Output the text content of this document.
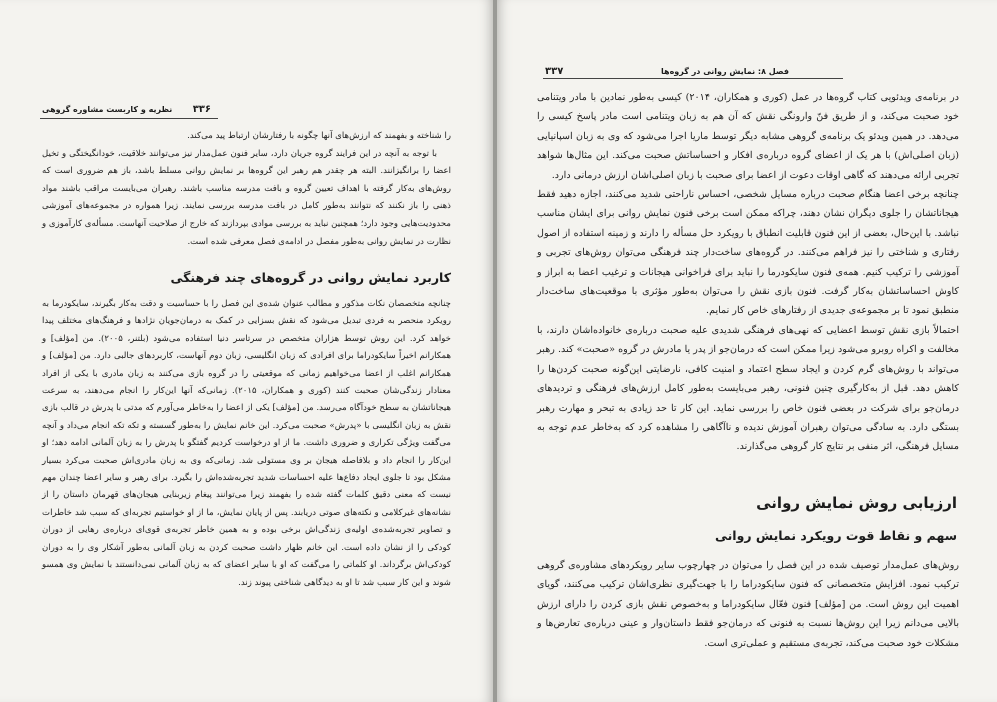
۳۳۶
نظریه و کاربست مشاوره گروهی

را شناخته و بفهمند که ارزش‌های آنها چگونه با رفتارشان ارتباط پید می‌کند.

با توجه به آنچه در این فرایند گروه جریان دارد، سایر فنون عمل‌مدار نیز می‌توانند خلاقیت، خودانگیختگی و تخیل اعضا را برانگیزانند. البته هر چقدر هم رهبر این گروه‌ها بر نمایش روانی مسلط باشد، باز هم ضروری است که روش‌های به‌کار گرفته با اهداف تعیین گروه و بافت مدرسه مناسب باشند. رهبران می‌بایست مراقب باشند مواد ذهنی را باز نکنند که نتوانند به‌طور کامل در بافت مدرسه بررسی نمایند. زیرا همواره در مجموعه‌های آموزشی محدودیت‌هایی وجود دارد؛ همچنین نباید به بررسی موادی بپردازند که خارج از صلاحیت آنهاست. مسأله‌ی کارآموزی و نظارت در نمایش روانی به‌طور مفصل در ادامه‌ی فصل معرفی شده است.

کاربرد نمایش روانی در گروه‌های چند فرهنگی

چنانچه متخصصان نکات مذکور و مطالب عنوان شده‌ی این فصل را با حساسیت و دقت به‌کار بگیرند، سایکودرما به رویکرد منحصر به فردی تبدیل می‌شود که نقش بسزایی در کمک به درمان‌جویان نژادها و فرهنگ‌های مختلف پیدا خواهد کرد. این روش توسط هزاران متخصص در سرتاسر دنیا استفاده می‌شود (بلتنر، ۲۰۰۵). من [مؤلف] و همکارانم اخیراً سایکودراما برای افرادی که زبان انگلیسی، زبان دوم آنهاست، کاربردهای جالبی دارد. من [مؤلف] و همکارانم اغلب از اعضا می‌خواهیم زمانی که موقعیتی را در گروه بازی می‌کنند به زبان مادری با یکی از افراد معنادار زندگی‌شان صحبت کنند (کوری و همکاران، ۲۰۱۵). زمانی‌که آنها این‌کار را انجام می‌دهند، به سرعت هیجاناتشان به سطح خودآگاه می‌رسد. من [مؤلف] یکی از اعضا را به‌خاطر می‌آورم که مدتی با پدرش در قالب بازی نقش به زبان انگلیسی با «پدرش» صحبت می‌کرد. این خانم نمایش را به‌طور گسسته و تکه تکه انجام می‌داد و آنچه می‌گفت ویژگی تکراری و ضروری داشت. ما از او درخواست کردیم گفتگو با پدرش را به زبان آلمانی ادامه دهد؛ او این‌کار را انجام داد و بلافاصله هیجان بر وی مستولی شد. زمانی‌که وی به زبان مادری‌اش صحبت می‌کرد بسیار مشکل بود تا جلوی ایجاد دفاع‌ها علیه احساسات شدید تجربه‌شده‌اش را بگیرد. برای رهبر و سایر اعضا چندان مهم نیست که معنی دقیق کلمات گفته شده را بفهمند زیرا می‌توانند پیغام زیربنایی هیجان‌های قهرمان داستان را از نشانه‌های غیرکلامی و نکته‌های صوتی دریابند. پس از پایان نمایش، ما از او خواستیم تجربه‌ای که سبب شد خاطرات و تصاویر تجربه‌شده‌ی اولیه‌ی زندگی‌اش برخی بوده و به همین خاطر تجربه‌ی قوی‌ای درباره‌ی رهایی از دوران کودکی را از نشان داده است. این خانم ظهار داشت صحبت کردن به زبان آلمانی به‌طور آشکار وی را به دوران کودکی‌اش برگرداند. او کلماتی را می‌گفت که او با سایر اعضای که به زبان آلمانی نمی‌دانستند با نمایش وی همسو شوند و این کار سبب شد تا او به دیدگاهی شناختی پیوند زند.

فصل ۸: نمایش روانی در گروه‌ها
۳۳۷

در برنامه‌ی ویدئویی کتاب گروه‌ها در عمل (کوری و همکاران، ۲۰۱۴) کیسی به‌طور نمادین با مادر ویتنامی خود صحبت می‌کند، و از طریق فنّ وارونگی نقش که آن هم به زبان ویتنامی است مادر پاسخ کیسی را می‌دهد. در همین ویدئو یک برنامه‌ی گروهی مشابه دیگر توسط ماریا اجرا می‌شود که وی به زبان اسپانیایی (زبان اصلی‌اش) با هر یک از اعضای گروه درباره‌ی افکار و احساساتش صحبت می‌کند. این مثال‌ها شواهد تجربی ارائه می‌دهند که گاهی اوقات دعوت از اعضا برای صحبت با زبان اصلی‌اشان ارزش درمانی دارد.

چنانچه برخی اعضا هنگام صحبت درباره مسایل شخصی، احساس ناراحتی شدید می‌کنند، اجازه دهید فقط هیجاناتشان را جلوی دیگران نشان دهند، چراکه ممکن است برخی فنون نمایش روانی برای ایشان مناسب نباشد. با این‌حال، بعضی از این فنون قابلیت انطباق با رویکرد حل مسأله را دارند و زمینه استفاده از اصول رفتاری و شناختی را نیز فراهم می‌کنند. در گروه‌های ساخت‌دار چند فرهنگی می‌توان روش‌های تجربی و آموزشی را ترکیب کنیم. همه‌ی فنون سایکودرما را نباید برای فراخوانی هیجانات و ترغیب اعضا به ابراز و کاوش احساساتشان به‌کار گرفت. فنون بازی نقش را می‌توان به‌طور مؤثری با موقعیت‌های ساخت‌دار منطبق نمود تا بر مجموعه‌ی جدیدی از رفتارهای خاص کار نمایم.

احتمالاً بازی نقش توسط اعضایی که نهی‌های فرهنگی شدیدی علیه صحبت درباره‌ی خانواده‌اشان دارند، با مخالفت و اکراه روبرو می‌شود زیرا ممکن است که درمان‌جو از پدر یا مادرش در گروه «صحبت» کند. رهبر می‌تواند با روش‌های گرم کردن و ایجاد سطح اعتماد و امنیت کافی، نارضایتی این‌گونه صحبت کردن‌ها را کاهش دهد. قبل از به‌کارگیری چنین فنونی، رهبر می‌بایست به‌طور کامل ارزش‌های فرهنگی و تردیدهای درمان‌جو برای شرکت در بعضی فنون خاص را بررسی نماید. این کار تا حد زیادی به تبحر و مهارت رهبر بستگی دارد. به سادگی می‌توان رهبران آموزش ندیده و ناآگاهی را مشاهده کرد که به‌خاطر عدم توجه به مسایل فرهنگی، اثر منفی بر نتایج کار گروهی می‌گذارند.

ارزیابی روش نمایش روانی
سهم و نقاط قوت رویکرد نمایش روانی

روش‌های عمل‌مدار توصیف شده در این فصل را می‌توان در چهارچوب سایر رویکردهای مشاوره‌ی گروهی ترکیب نمود. افزایش متخصصانی که فنون سایکودراما را با جهت‌گیری نظری‌اشان ترکیب می‌کنند، گویای اهمیت این روش است. من [مؤلف] فنون فعّال سایکودراما و به‌خصوص نقش بازی کردن را دارای ارزش بالایی می‌دانم زیرا این روش‌ها نسبت به فنونی که درمان‌جو فقط داستان‌وار و عینی درباره‌ی تعارض‌ها و مشکلات خود صحبت می‌کند، تجربه‌ی مستقیم و عملی‌تری است.
